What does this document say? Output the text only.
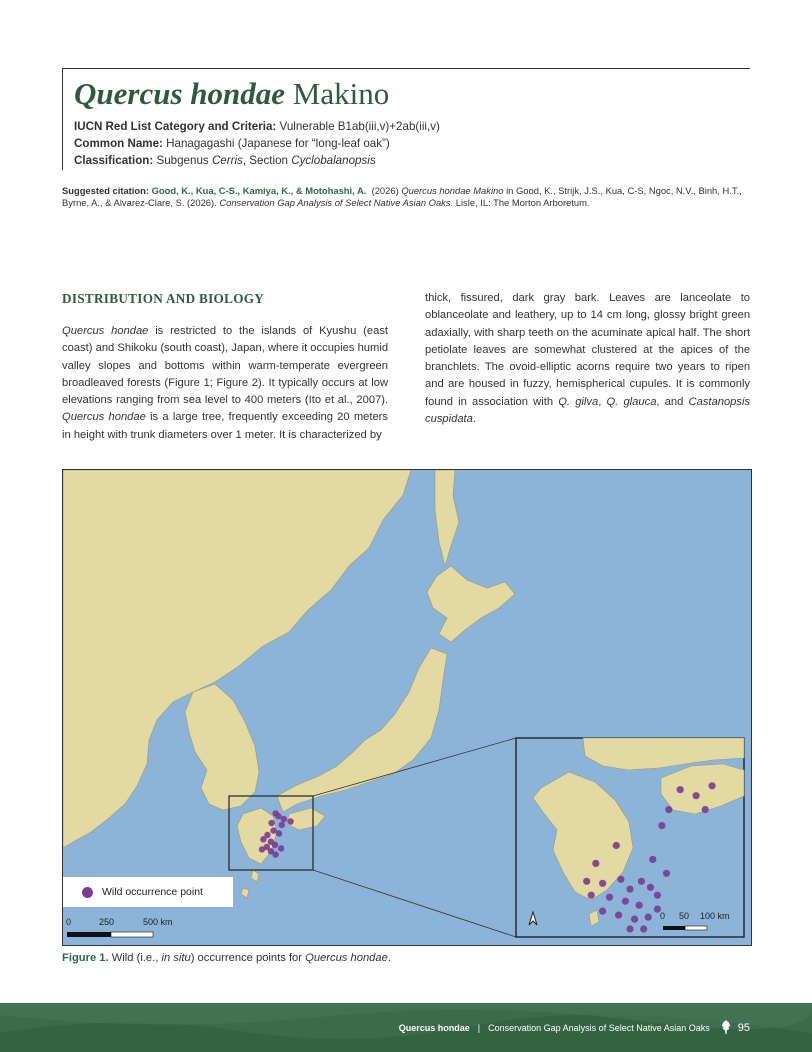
Quercus hondae Makino
IUCN Red List Category and Criteria: Vulnerable B1ab(iii,v)+2ab(iii,v)
Common Name: Hanagagashi (Japanese for “long-leaf oak”)
Classification: Subgenus Cerris, Section Cyclobalanopsis
Suggested citation: Good, K., Kua, C-S., Kamiya, K., & Motohashi, A. (2026) Quercus hondae Makino in Good, K., Strijk, J.S., Kua, C-S, Ngoc, N.V., Binh, H.T., Byrne, A., & Alvarez-Clare, S. (2026). Conservation Gap Analysis of Select Native Asian Oaks. Lisle, IL: The Morton Arboretum.
DISTRIBUTION AND BIOLOGY
Quercus hondae is restricted to the islands of Kyushu (east coast) and Shikoku (south coast), Japan, where it occupies humid valley slopes and bottoms within warm-temperate evergreen broadleaved forests (Figure 1; Figure 2). It typically occurs at low elevations ranging from sea level to 400 meters (Ito et al., 2007). Quercus hondae is a large tree, frequently exceeding 20 meters in height with trunk diameters over 1 meter. It is characterized by
thick, fissured, dark gray bark. Leaves are lanceolate to oblanceolate and leathery, up to 14 cm long, glossy bright green adaxially, with sharp teeth on the acuminate apical half. The short petiolate leaves are somewhat clustered at the apices of the branchlets. The ovoid-elliptic acorns require two years to ripen and are housed in fuzzy, hemispherical cupules. It is commonly found in association with Q. gilva, Q. glauca, and Castanopsis cuspidata.
0 50 100 km
0	250	500 km
Wild occurrence point
Figure 1. Wild (i.e., in situ) occurrence points for Quercus hondae.
Quercus hondae | Conservation Gap Analysis of Select Native Asian Oaks	95
